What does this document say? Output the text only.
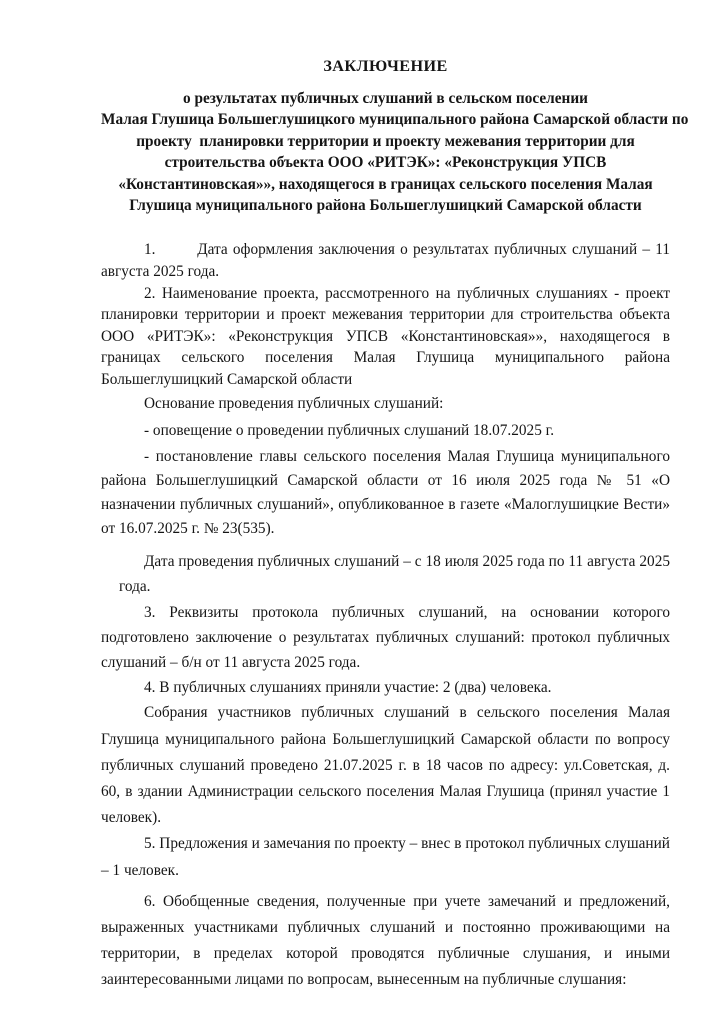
ЗАКЛЮЧЕНИЕ
о результатах публичных слушаний в сельском поселении
Малая Глушица Большеглушицкого муниципального района Самарской области по
проекту  планировки территории и проекту межевания территории для
строительства объекта ООО «РИТЭК»: «Реконструкция УПСВ
«Константиновская»», находящегося в границах сельского поселения Малая
Глушица муниципального района Большеглушицкий Самарской области

1.        Дата оформления заключения о результатах публичных слушаний – 11 августа 2025 года.

2. Наименование проекта, рассмотренного на публичных слушаниях - проект планировки территории и проект межевания территории для строительства объекта ООО «РИТЭК»: «Реконструкция УПСВ «Константиновская»», находящегося в границах сельского поселения Малая Глушица муниципального района Большеглушицкий Самарской области

Основание проведения публичных слушаний:

- оповещение о проведении публичных слушаний 18.07.2025 г.

- постановление главы сельского поселения Малая Глушица муниципального района Большеглушицкий Самарской области от 16 июля 2025 года № 51 «О назначении публичных слушаний», опубликованное в газете «Малоглушицкие Вести» от 16.07.2025 г. № 23(535).

Дата проведения публичных слушаний – с 18 июля 2025 года по 11 августа 2025 года.

3. Реквизиты протокола публичных слушаний, на основании которого подготовлено заключение о результатах публичных слушаний: протокол публичных слушаний – б/н от 11 августа 2025 года.

4. В публичных слушаниях приняли участие: 2 (два) человека.

Собрания участников публичных слушаний в сельского поселения Малая Глушица муниципального района Большеглушицкий Самарской области по вопросу публичных слушаний проведено 21.07.2025 г. в 18 часов по адресу: ул.Советская, д. 60, в здании Администрации сельского поселения Малая Глушица (принял участие 1 человек).

5. Предложения и замечания по проекту – внес в протокол публичных слушаний – 1 человек.

6. Обобщенные сведения, полученные при учете замечаний и предложений, выраженных участниками публичных слушаний и постоянно проживающими на территории, в пределах которой проводятся публичные слушания, и иными заинтересованными лицами по вопросам, вынесенным на публичные слушания:
